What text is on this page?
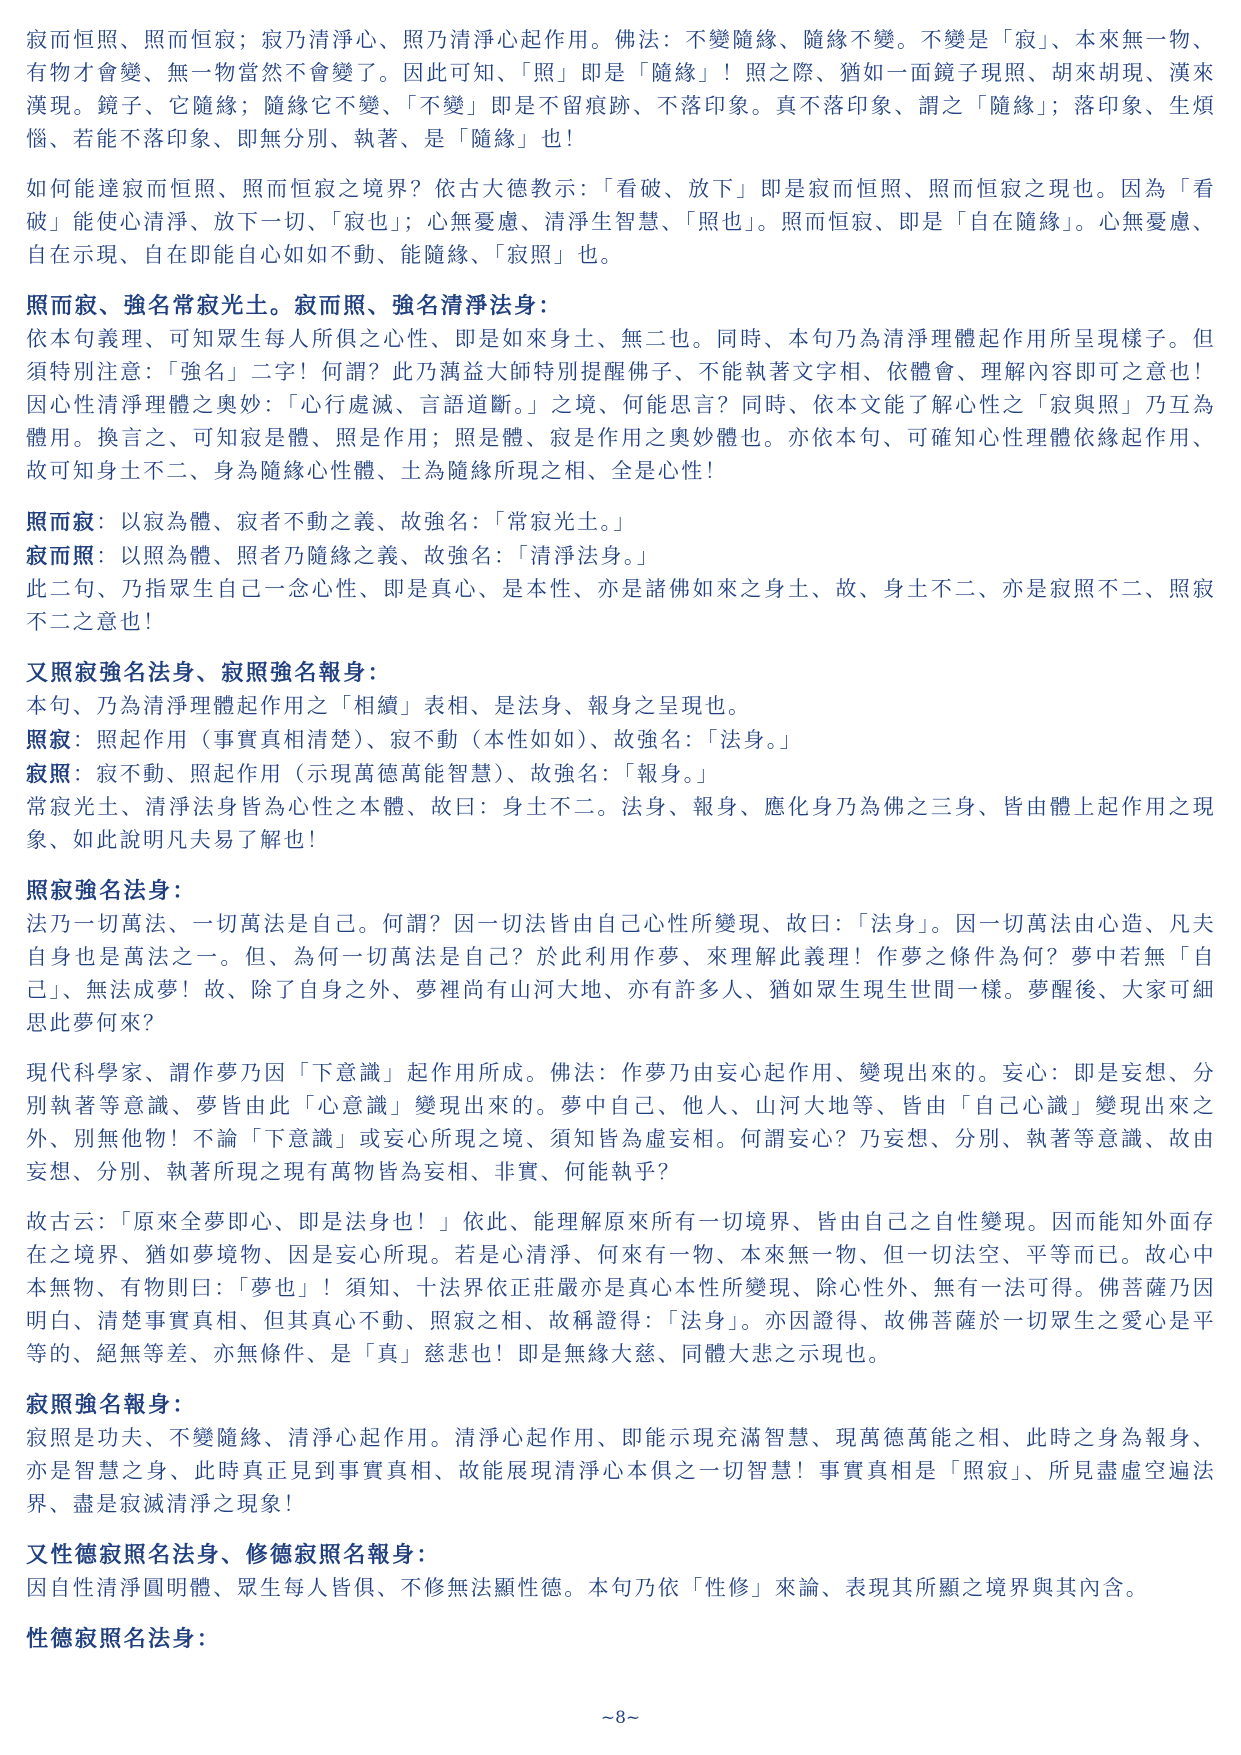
寂而恒照、照而恒寂；寂乃清淨心、照乃清淨心起作用。佛法：不變隨緣、隨緣不變。不變是「寂」、本來無一物、有物才會變、無一物當然不會變了。因此可知、「照」即是「隨緣」！照之際、猶如一面鏡子現照、胡來胡現、漢來漢現。鏡子、它隨緣；隨緣它不變、「不變」即是不留痕跡、不落印象。真不落印象、謂之「隨緣」；落印象、生煩惱、若能不落印象、即無分別、執著、是「隨緣」也！

如何能達寂而恒照、照而恒寂之境界？依古大德教示：「看破、放下」即是寂而恒照、照而恒寂之現也。因為「看破」能使心清淨、放下一切、「寂也」；心無憂慮、清淨生智慧、「照也」。照而恒寂、即是「自在隨緣」。心無憂慮、自在示現、自在即能自心如如不動、能隨緣、「寂照」也。

照而寂、強名常寂光土。寂而照、強名清淨法身：

依本句義理、可知眾生每人所俱之心性、即是如來身土、無二也。同時、本句乃為清淨理體起作用所呈現樣子。但須特別注意：「強名」二字！何謂？此乃蕅益大師特別提醒佛子、不能執著文字相、依體會、理解內容即可之意也！因心性清淨理體之奧妙：「心行處滅、言語道斷。」之境、何能思言？同時、依本文能了解心性之「寂與照」乃互為體用。換言之、可知寂是體、照是作用；照是體、寂是作用之奧妙體也。亦依本句、可確知心性理體依緣起作用、故可知身土不二、身為隨緣心性體、土為隨緣所現之相、全是心性！

照而寂：以寂為體、寂者不動之義、故強名：「常寂光土。」

寂而照：以照為體、照者乃隨緣之義、故強名：「清淨法身。」

此二句、乃指眾生自己一念心性、即是真心、是本性、亦是諸佛如來之身土、故、身土不二、亦是寂照不二、照寂不二之意也！

又照寂強名法身、寂照強名報身：

本句、乃為清淨理體起作用之「相續」表相、是法身、報身之呈現也。

照寂：照起作用（事實真相清楚）、寂不動（本性如如）、故強名：「法身。」

寂照：寂不動、照起作用（示現萬德萬能智慧）、故強名：「報身。」

常寂光土、清淨法身皆為心性之本體、故曰：身土不二。法身、報身、應化身乃為佛之三身、皆由體上起作用之現象、如此說明凡夫易了解也！

照寂強名法身：

法乃一切萬法、一切萬法是自己。何謂？因一切法皆由自己心性所變現、故曰：「法身」。因一切萬法由心造、凡夫自身也是萬法之一。但、為何一切萬法是自己？於此利用作夢、來理解此義理！作夢之條件為何？夢中若無「自己」、無法成夢！故、除了自身之外、夢裡尚有山河大地、亦有許多人、猶如眾生現生世間一樣。夢醒後、大家可細思此夢何來？

現代科學家、謂作夢乃因「下意識」起作用所成。佛法：作夢乃由妄心起作用、變現出來的。妄心：即是妄想、分別執著等意識、夢皆由此「心意識」變現出來的。夢中自己、他人、山河大地等、皆由「自己心識」變現出來之外、別無他物！不論「下意識」或妄心所現之境、須知皆為虛妄相。何謂妄心？乃妄想、分別、執著等意識、故由妄想、分別、執著所現之現有萬物皆為妄相、非實、何能執乎？

故古云：「原來全夢即心、即是法身也！」依此、能理解原來所有一切境界、皆由自己之自性變現。因而能知外面存在之境界、猶如夢境物、因是妄心所現。若是心清淨、何來有一物、本來無一物、但一切法空、平等而已。故心中本無物、有物則曰：「夢也」！須知、十法界依正莊嚴亦是真心本性所變現、除心性外、無有一法可得。佛菩薩乃因明白、清楚事實真相、但其真心不動、照寂之相、故稱證得：「法身」。亦因證得、故佛菩薩於一切眾生之愛心是平等的、絕無等差、亦無條件、是「真」慈悲也！即是無緣大慈、同體大悲之示現也。

寂照強名報身：

寂照是功夫、不變隨緣、清淨心起作用。清淨心起作用、即能示現充滿智慧、現萬德萬能之相、此時之身為報身、亦是智慧之身、此時真正見到事實真相、故能展現清淨心本俱之一切智慧！事實真相是「照寂」、所見盡虛空遍法界、盡是寂滅清淨之現象！

又性德寂照名法身、修德寂照名報身：

因自性清淨圓明體、眾生每人皆俱、不修無法顯性德。本句乃依「性修」來論、表現其所顯之境界與其內含。

性德寂照名法身：
~8~
